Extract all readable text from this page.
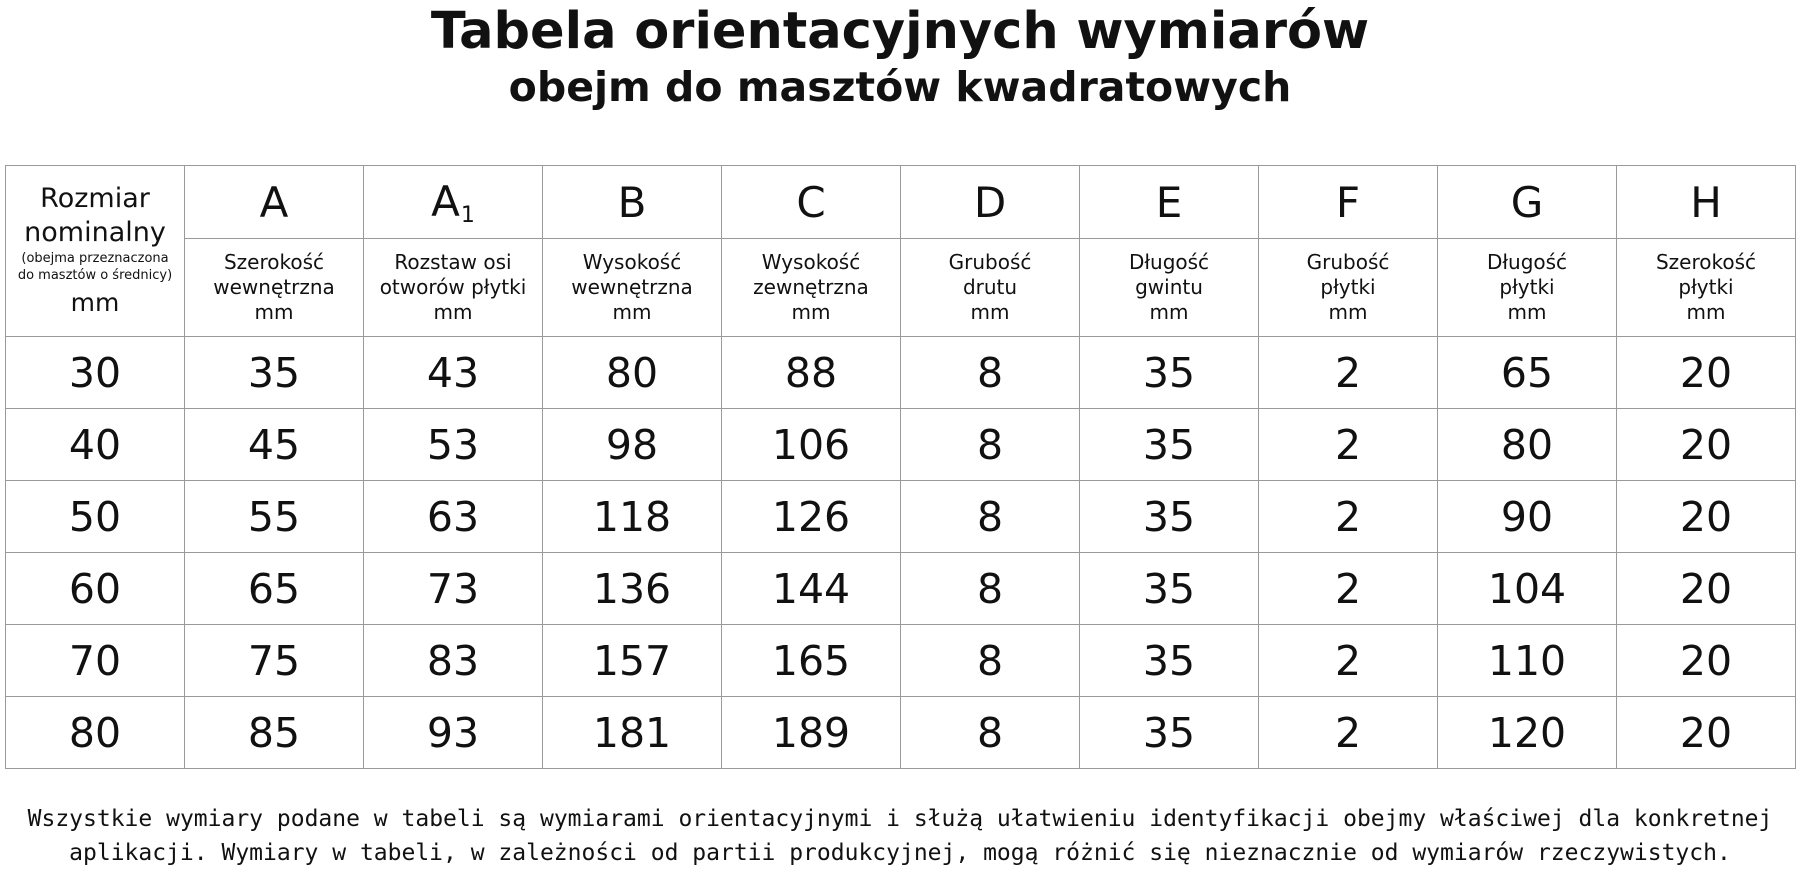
Tabela orientacyjnych wymiarów
obejm do masztów kwadratowych
Rozmiar
nominalny
(obejma przeznaczona
do masztów o średnicy)
mm	A	A1	B	C	D	E	F	G	H

	Szerokość
wewnętrzna
mm	Rozstaw osi
otworów płytki
mm	Wysokość
wewnętrzna
mm	Wysokość
zewnętrzna
mm	Grubość
drutu
mm	Długość
gwintu
mm	Grubość
płytki
mm	Długość
płytki
mm	Szerokość
płytki
mm

30	35	43	80	88	8	35	2	65	20
40	45	53	98	106	8	35	2	80	20
50	55	63	118	126	8	35	2	90	20
60	65	73	136	144	8	35	2	104	20
70	75	83	157	165	8	35	2	110	20
80	85	93	181	189	8	35	2	120	20

Wszystkie wymiary podane w tabeli są wymiarami orientacyjnymi i służą ułatwieniu identyfikacji obejmy właściwej dla konkretnej
aplikacji. Wymiary w tabeli, w zależności od partii produkcyjnej, mogą różnić się nieznacznie od wymiarów rzeczywistych.
